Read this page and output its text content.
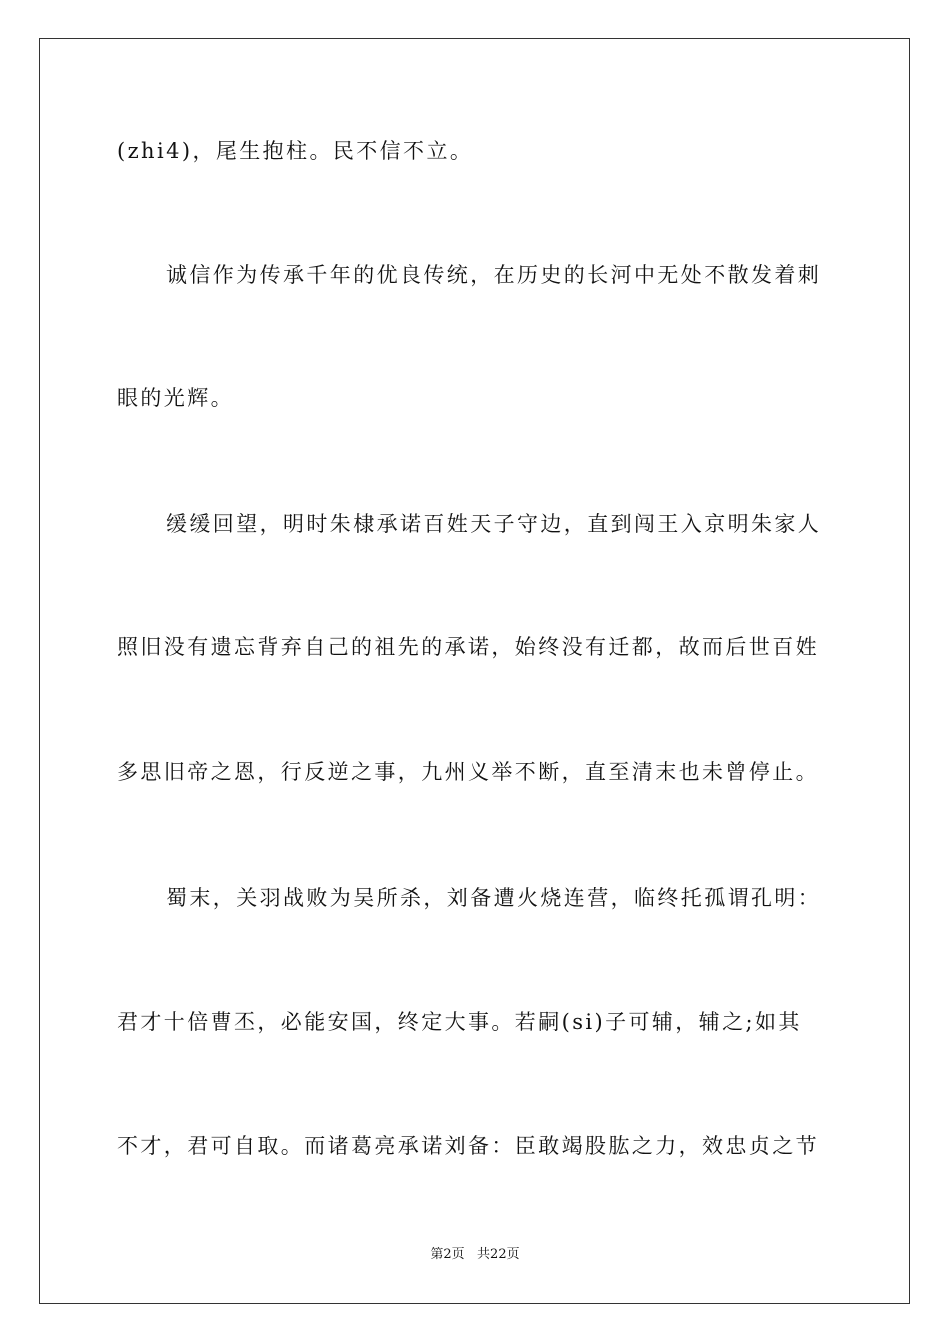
(zhi4)，尾生抱柱。民不信不立。

诚信作为传承千年的优良传统，在历史的长河中无处不散发着刺

眼的光辉。

缓缓回望，明时朱棣承诺百姓天子守边，直到闯王入京明朱家人

照旧没有遗忘背弃自己的祖先的承诺，始终没有迁都，故而后世百姓

多思旧帝之恩，行反逆之事，九州义举不断，直至清末也未曾停止。

蜀末，关羽战败为吴所杀，刘备遭火烧连营，临终托孤谓孔明：

君才十倍曹丕，必能安国，终定大事。若嗣(si)子可辅，辅之;如其

不才，君可自取。而诸葛亮承诺刘备：臣敢竭股肱之力，效忠贞之节

第2页   共22页
